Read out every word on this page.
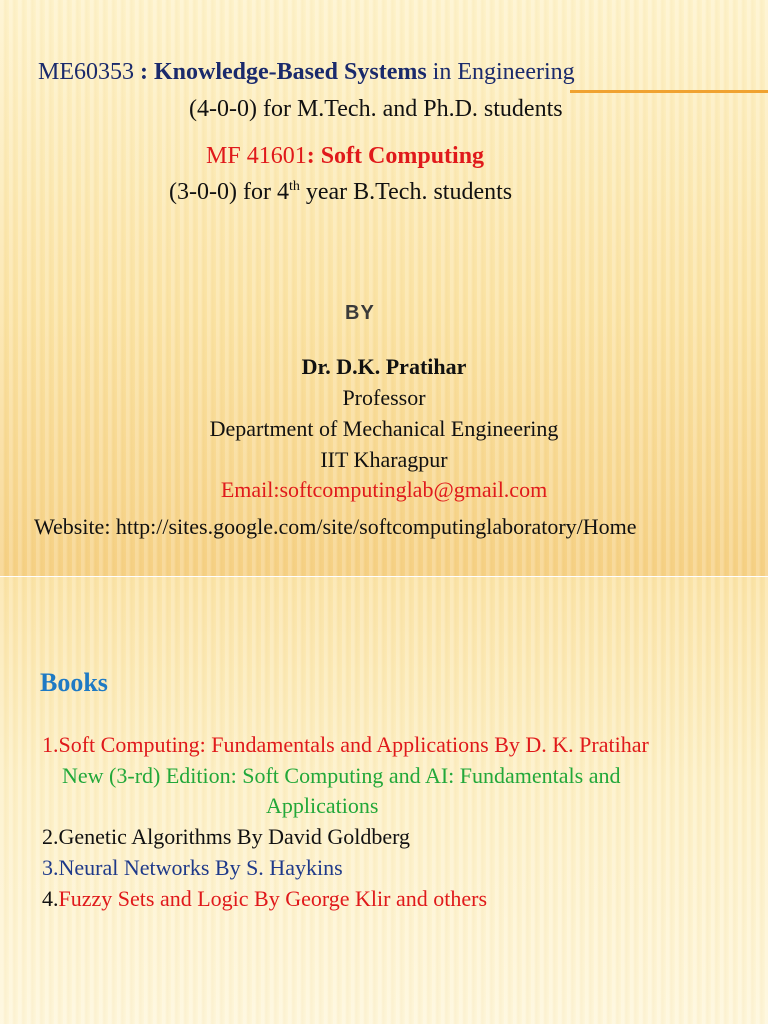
ME60353 : Knowledge-Based Systems in Engineering
(4-0-0) for M.Tech. and Ph.D. students
MF 41601: Soft Computing
(3-0-0) for 4th year B.Tech. students
BY
Dr. D.K. Pratihar
Professor
Department of Mechanical Engineering
IIT Kharagpur
Email:softcomputinglab@gmail.com
Website: http://sites.google.com/site/softcomputinglaboratory/Home
Books
1.Soft Computing: Fundamentals and Applications By D. K. Pratihar
New (3-rd) Edition: Soft Computing and AI: Fundamentals and
Applications
2.Genetic Algorithms By David Goldberg
3.Neural Networks By S. Haykins
4.Fuzzy Sets and Logic By George Klir and others
